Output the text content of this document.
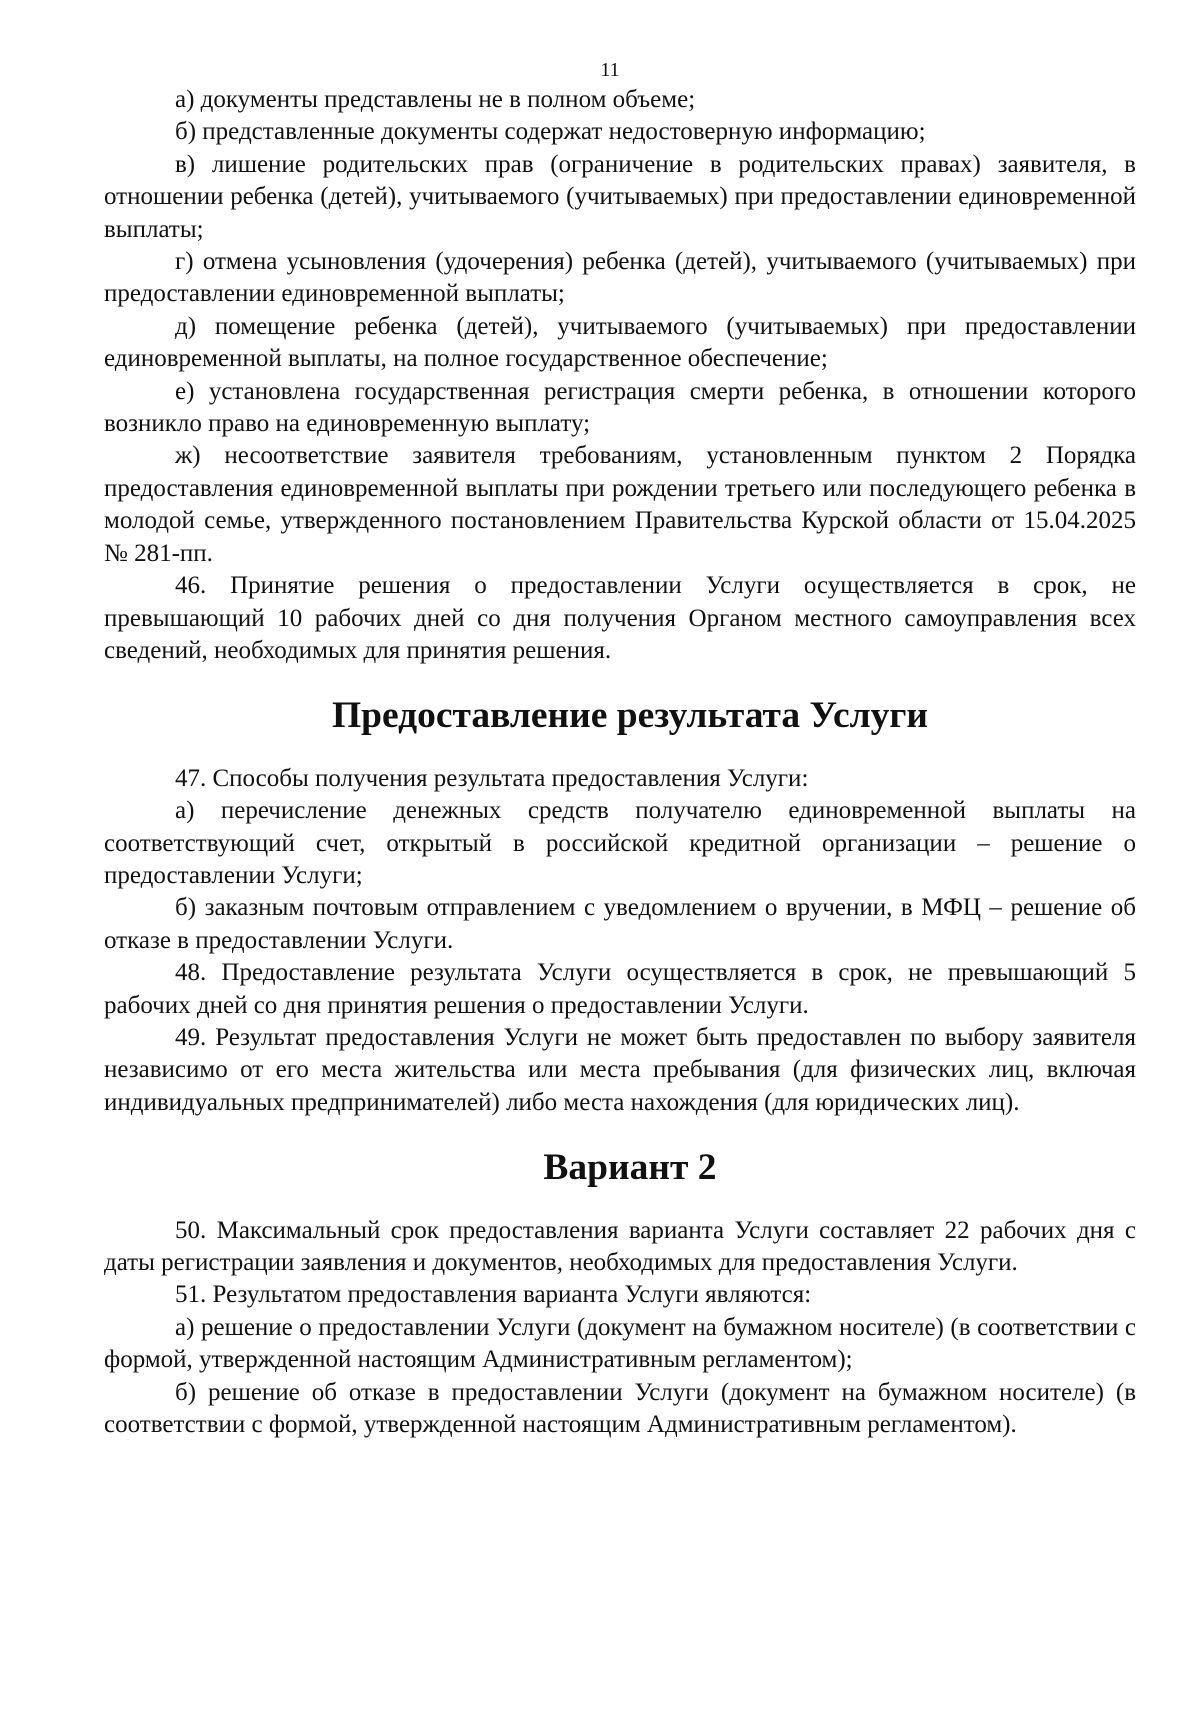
11

а) документы представлены не в полном объеме;

б) представленные документы содержат недостоверную информацию;

в) лишение родительских прав (ограничение в родительских правах) заявителя, в отношении ребенка (детей), учитываемого (учитываемых) при предоставлении единовременной выплаты;

г) отмена усыновления (удочерения) ребенка (детей), учитываемого (учитываемых) при предоставлении единовременной выплаты;

д) помещение ребенка (детей), учитываемого (учитываемых) при предоставлении единовременной выплаты, на полное государственное обеспечение;

е) установлена государственная регистрация смерти ребенка, в отношении которого возникло право на единовременную выплату;

ж) несоответствие заявителя требованиям, установленным пунктом 2 Порядка предоставления единовременной выплаты при рождении третьего или последующего ребенка в молодой семье, утвержденного постановлением Правительства Курской области от 15.04.2025 № 281-пп.

46. Принятие решения о предоставлении Услуги осуществляется в срок, не превышающий 10 рабочих дней со дня получения Органом местного самоуправления всех сведений, необходимых для принятия решения.

Предоставление результата Услуги

47. Способы получения результата предоставления Услуги:

а) перечисление денежных средств получателю единовременной выплаты на соответствующий счет, открытый в российской кредитной организации – решение о предоставлении Услуги;

б) заказным почтовым отправлением с уведомлением о вручении, в МФЦ – решение об отказе в предоставлении Услуги.

48. Предоставление результата Услуги осуществляется в срок, не превышающий 5 рабочих дней со дня принятия решения о предоставлении Услуги.

49. Результат предоставления Услуги не может быть предоставлен по выбору заявителя независимо от его места жительства или места пребывания (для физических лиц, включая индивидуальных предпринимателей) либо места нахождения (для юридических лиц).

Вариант 2

50. Максимальный срок предоставления варианта Услуги составляет 22 рабочих дня с даты регистрации заявления и документов, необходимых для предоставления Услуги.

51. Результатом предоставления варианта Услуги являются:

а) решение о предоставлении Услуги (документ на бумажном носителе) (в соответствии с формой, утвержденной настоящим Административным регламентом);

б) решение об отказе в предоставлении Услуги (документ на бумажном носителе) (в соответствии с формой, утвержденной настоящим Административным регламентом).
